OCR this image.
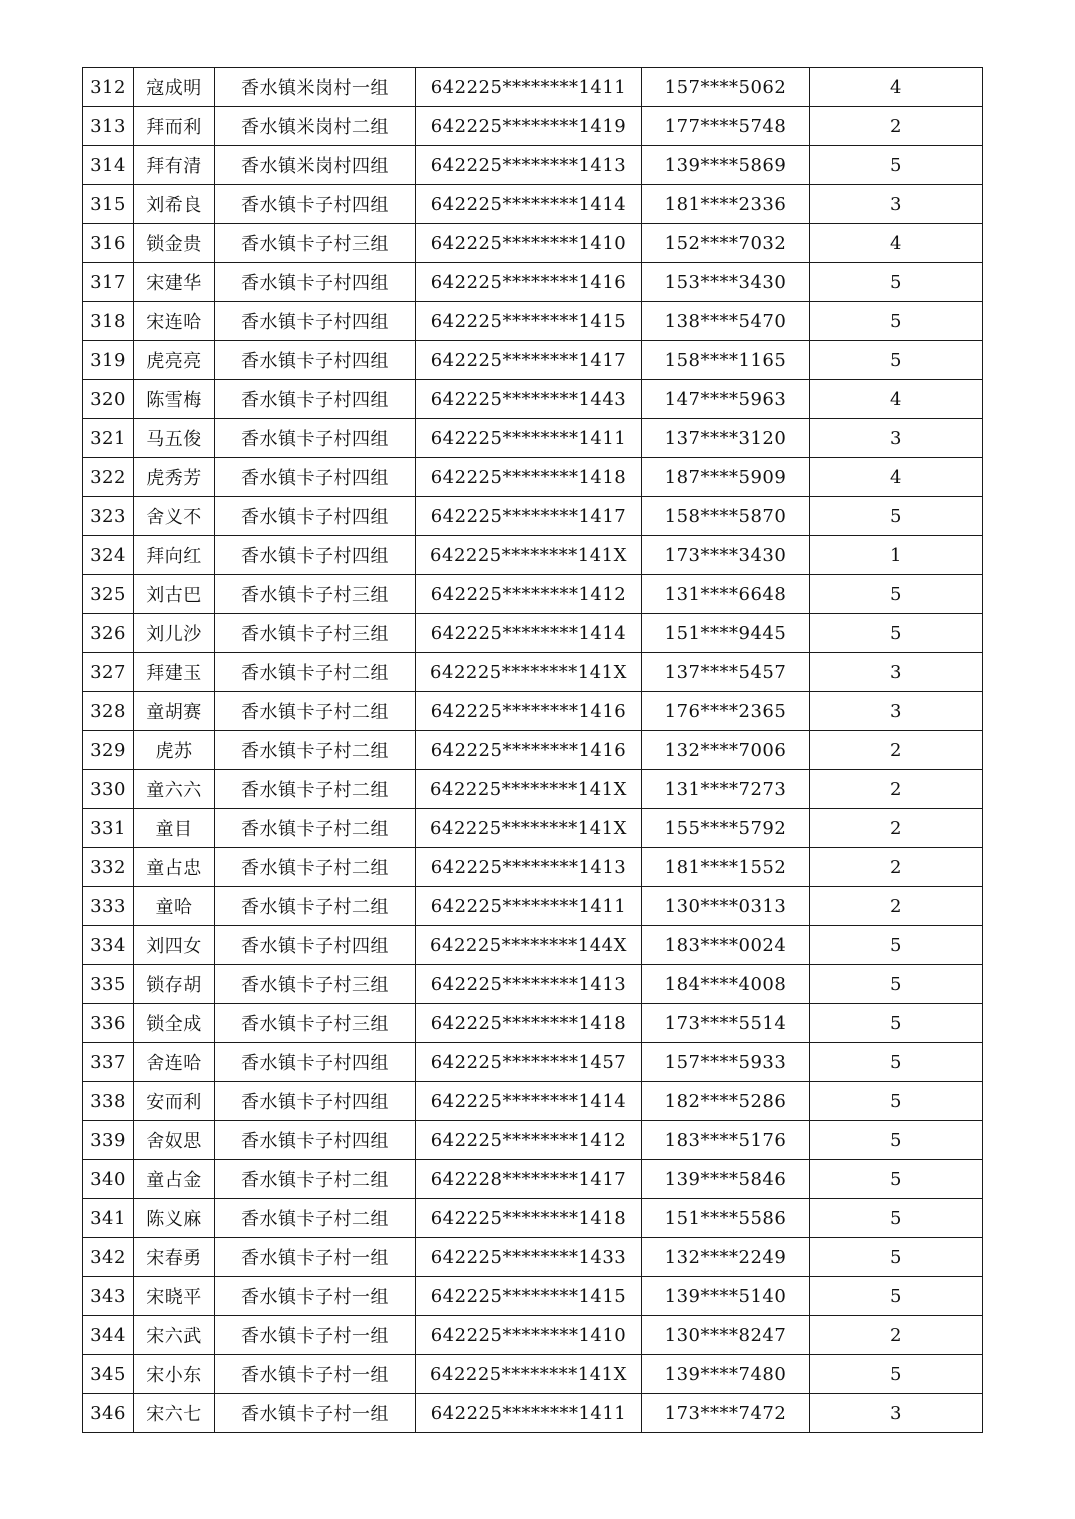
312	寇成明	香水镇米岗村一组	642225********1411	157****5062	4
313	拜而利	香水镇米岗村二组	642225********1419	177****5748	2
314	拜有清	香水镇米岗村四组	642225********1413	139****5869	5
315	刘希良	香水镇卡子村四组	642225********1414	181****2336	3
316	锁金贵	香水镇卡子村三组	642225********1410	152****7032	4
317	宋建华	香水镇卡子村四组	642225********1416	153****3430	5
318	宋连哈	香水镇卡子村四组	642225********1415	138****5470	5
319	虎亮亮	香水镇卡子村四组	642225********1417	158****1165	5
320	陈雪梅	香水镇卡子村四组	642225********1443	147****5963	4
321	马五俊	香水镇卡子村四组	642225********1411	137****3120	3
322	虎秀芳	香水镇卡子村四组	642225********1418	187****5909	4
323	舍义不	香水镇卡子村四组	642225********1417	158****5870	5
324	拜向红	香水镇卡子村四组	642225********141X	173****3430	1
325	刘古巴	香水镇卡子村三组	642225********1412	131****6648	5
326	刘儿沙	香水镇卡子村三组	642225********1414	151****9445	5
327	拜建玉	香水镇卡子村二组	642225********141X	137****5457	3
328	童胡赛	香水镇卡子村二组	642225********1416	176****2365	3
329	虎苏	香水镇卡子村二组	642225********1416	132****7006	2
330	童六六	香水镇卡子村二组	642225********141X	131****7273	2
331	童目	香水镇卡子村二组	642225********141X	155****5792	2
332	童占忠	香水镇卡子村二组	642225********1413	181****1552	2
333	童哈	香水镇卡子村二组	642225********1411	130****0313	2
334	刘四女	香水镇卡子村四组	642225********144X	183****0024	5
335	锁存胡	香水镇卡子村三组	642225********1413	184****4008	5
336	锁全成	香水镇卡子村三组	642225********1418	173****5514	5
337	舍连哈	香水镇卡子村四组	642225********1457	157****5933	5
338	安而利	香水镇卡子村四组	642225********1414	182****5286	5
339	舍奴思	香水镇卡子村四组	642225********1412	183****5176	5
340	童占金	香水镇卡子村二组	642228********1417	139****5846	5
341	陈义麻	香水镇卡子村二组	642225********1418	151****5586	5
342	宋春勇	香水镇卡子村一组	642225********1433	132****2249	5
343	宋晓平	香水镇卡子村一组	642225********1415	139****5140	5
344	宋六武	香水镇卡子村一组	642225********1410	130****8247	2
345	宋小东	香水镇卡子村一组	642225********141X	139****7480	5
346	宋六七	香水镇卡子村一组	642225********1411	173****7472	3
